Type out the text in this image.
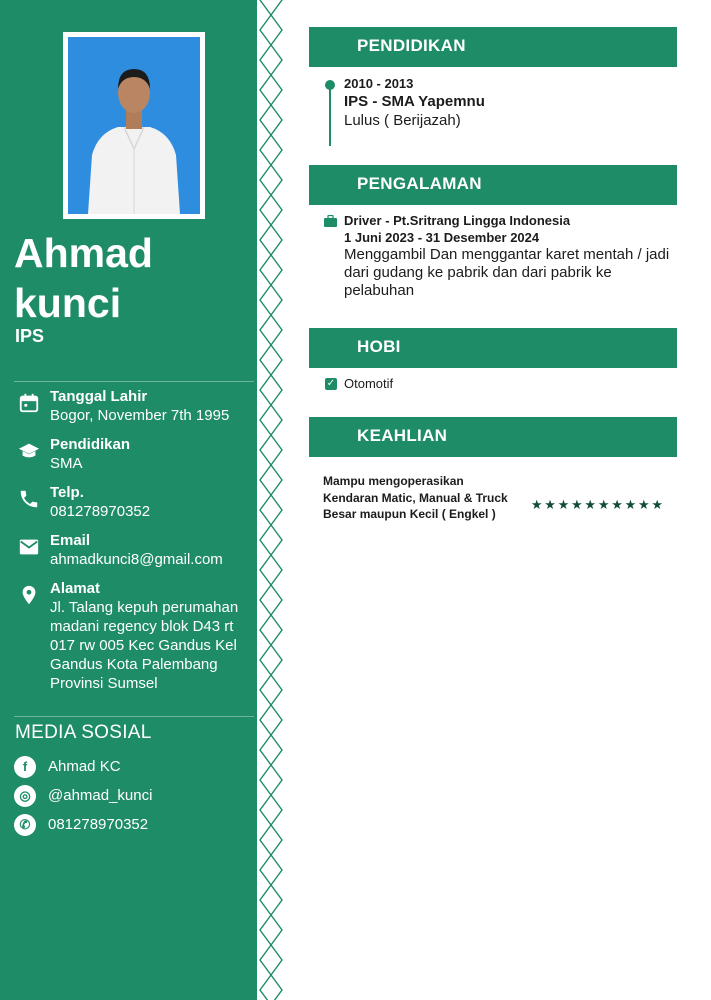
Ahmad kunci
IPS
Tanggal Lahir
Bogor, November 7th 1995
Pendidikan
SMA
Telp.
081278970352
Email
ahmadkunci8@gmail.com
Alamat
Jl. Talang kepuh perumahan madani regency blok D43 rt 017 rw 005 Kec Gandus Kel Gandus Kota Palembang Provinsi Sumsel
MEDIA SOSIAL
f	Ahmad KC
◎	@ahmad_kunci
✆	081278970352
PENDIDIKAN
2010 - 2013
IPS - SMA Yapemnu
Lulus ( Berijazah)
PENGALAMAN
Driver - Pt.Sritrang Lingga Indonesia
1 Juni 2023 - 31 Desember 2024
Menggambil Dan menggantar karet mentah / jadi dari gudang ke pabrik dan dari pabrik ke pelabuhan
HOBI
✓ Otomotif
KEAHLIAN
Mampu mengoperasikan Kendaran Matic, Manual & Truck Besar maupun Kecil ( Engkel )
★ ★ ★ ★ ★ ★ ★ ★ ★ ★
